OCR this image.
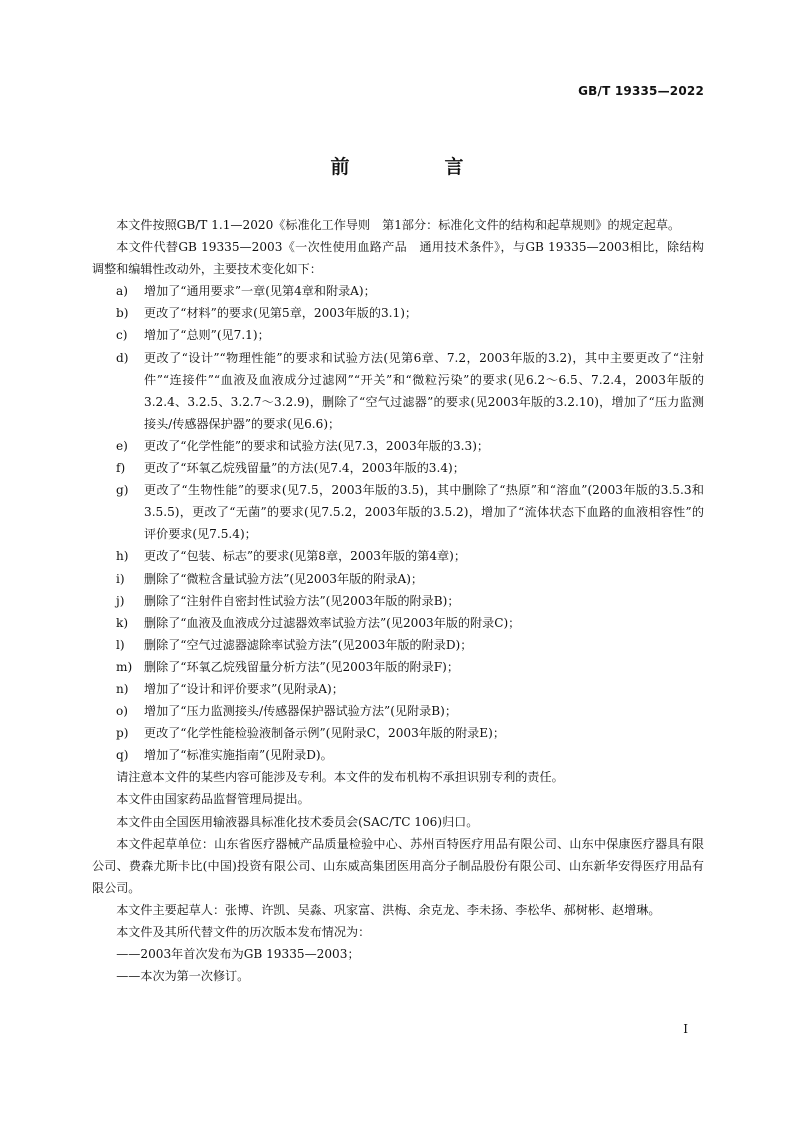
GB/T 19335—2022
前　言

本文件按照GB/T 1.1—2020《标准化工作导则　第1部分：标准化文件的结构和起草规则》的规定起草。

本文件代替GB 19335—2003《一次性使用血路产品　通用技术条件》，与GB 19335—2003相比，除结构调整和编辑性改动外，主要技术变化如下：

a)	增加了“通用要求”一章(见第4章和附录A)；
b)	更改了“材料”的要求(见第5章，2003年版的3.1)；
c)	增加了“总则”(见7.1)；
d)	更改了“设计”“物理性能”的要求和试验方法(见第6章、7.2，2003年版的3.2)，其中主要更改了“注射件”“连接件”“血液及血液成分过滤网”“开关”和“微粒污染”的要求(见6.2～6.5、7.2.4，2003年版的3.2.4、3.2.5、3.2.7～3.2.9)，删除了“空气过滤器”的要求(见2003年版的3.2.10)，增加了“压力监测接头/传感器保护器”的要求(见6.6)；
e)	更改了“化学性能”的要求和试验方法(见7.3，2003年版的3.3)；
f)	更改了“环氧乙烷残留量”的方法(见7.4，2003年版的3.4)；
g)	更改了“生物性能”的要求(见7.5，2003年版的3.5)，其中删除了“热原”和“溶血”(2003年版的3.5.3和3.5.5)，更改了“无菌”的要求(见7.5.2，2003年版的3.5.2)，增加了“流体状态下血路的血液相容性”的评价要求(见7.5.4)；
h)	更改了“包装、标志”的要求(见第8章，2003年版的第4章)；
i)	删除了“微粒含量试验方法”(见2003年版的附录A)；
j)	删除了“注射件自密封性试验方法”(见2003年版的附录B)；
k)	删除了“血液及血液成分过滤器效率试验方法”(见2003年版的附录C)；
l)	删除了“空气过滤器滤除率试验方法”(见2003年版的附录D)；
m) 删除了“环氧乙烷残留量分析方法”(见2003年版的附录F)；
n)	增加了“设计和评价要求”(见附录A)；
o)	增加了“压力监测接头/传感器保护器试验方法”(见附录B)；
p)	更改了“化学性能检验液制备示例”(见附录C，2003年版的附录E)；
q)	增加了“标准实施指南”(见附录D)。

请注意本文件的某些内容可能涉及专利。本文件的发布机构不承担识别专利的责任。

本文件由国家药品监督管理局提出。

本文件由全国医用输液器具标准化技术委员会(SAC/TC 106)归口。

本文件起草单位：山东省医疗器械产品质量检验中心、苏州百特医疗用品有限公司、山东中保康医疗器具有限公司、费森尤斯卡比(中国)投资有限公司、山东威高集团医用高分子制品股份有限公司、山东新华安得医疗用品有限公司。

本文件主要起草人：张博、许凯、吴淼、巩家富、洪梅、余克龙、李未扬、李松华、郝树彬、赵增琳。

本文件及其所代替文件的历次版本发布情况为：

——2003年首次发布为GB 19335—2003；

——本次为第一次修订。

I
